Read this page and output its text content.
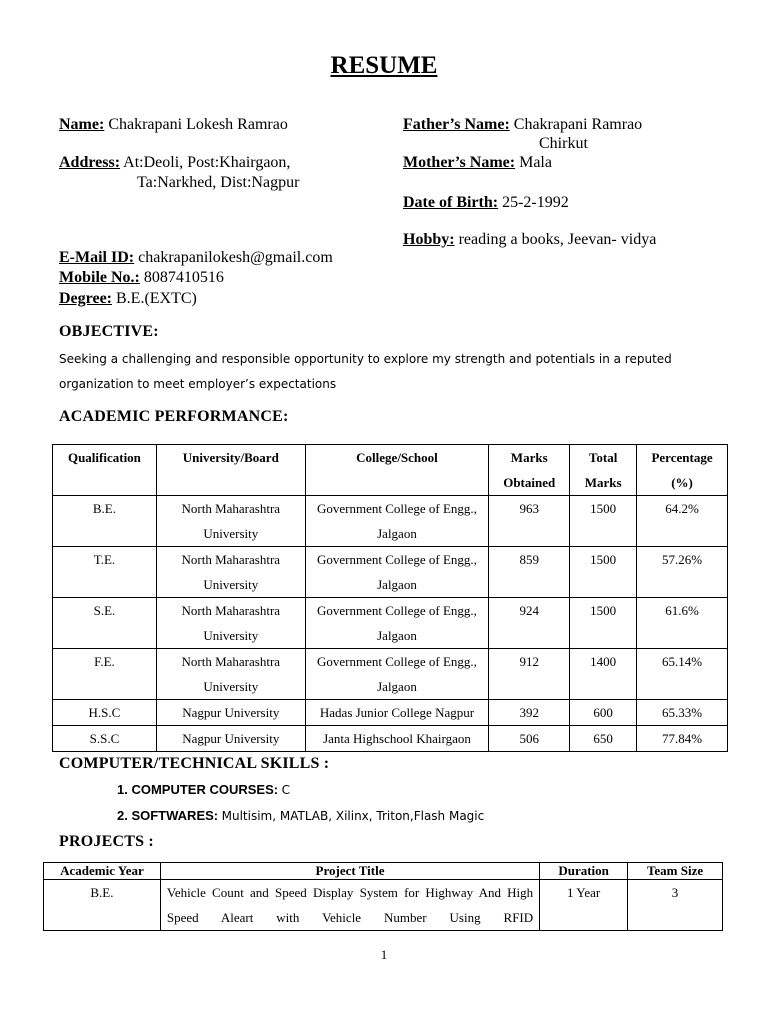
RESUME
Name: Chakrapani Lokesh Ramrao
Address: At:Deoli, Post:Khairgaon,
Ta:Narkhed, Dist:Nagpur
E-Mail ID: chakrapanilokesh@gmail.com
Mobile No.: 8087410516
Degree: B.E.(EXTC)
Father’s Name: Chakrapani Ramrao
Chirkut
Mother’s Name: Mala
Date of Birth: 25-2-1992
Hobby: reading a books, Jeevan- vidya
OBJECTIVE:
Seeking a challenging and responsible opportunity to explore my strength and potentials in a reputed
organization to meet employer’s expectations
ACADEMIC PERFORMANCE:
Qualification	University/Board	College/School	Marks Obtained	Total Marks	Percentage (%)
B.E.	North Maharashtra University	Government College of Engg., Jalgaon	963	1500	64.2%
T.E.	North Maharashtra University	Government College of Engg., Jalgaon	859	1500	57.26%
S.E.	North Maharashtra University	Government College of Engg., Jalgaon	924	1500	61.6%
F.E.	North Maharashtra University	Government College of Engg., Jalgaon	912	1400	65.14%
H.S.C	Nagpur University	Hadas Junior College Nagpur	392	600	65.33%
S.S.C	Nagpur University	Janta Highschool Khairgaon	506	650	77.84%
COMPUTER/TECHNICAL SKILLS :
1. COMPUTER COURSES: C
2. SOFTWARES: Multisim, MATLAB, Xilinx, Triton,Flash Magic
PROJECTS :
Academic Year	Project Title	Duration	Team Size
B.E.	Vehicle Count and Speed Display System for Highway And High Speed Aleart with Vehicle Number Using RFID	1 Year	3
1
